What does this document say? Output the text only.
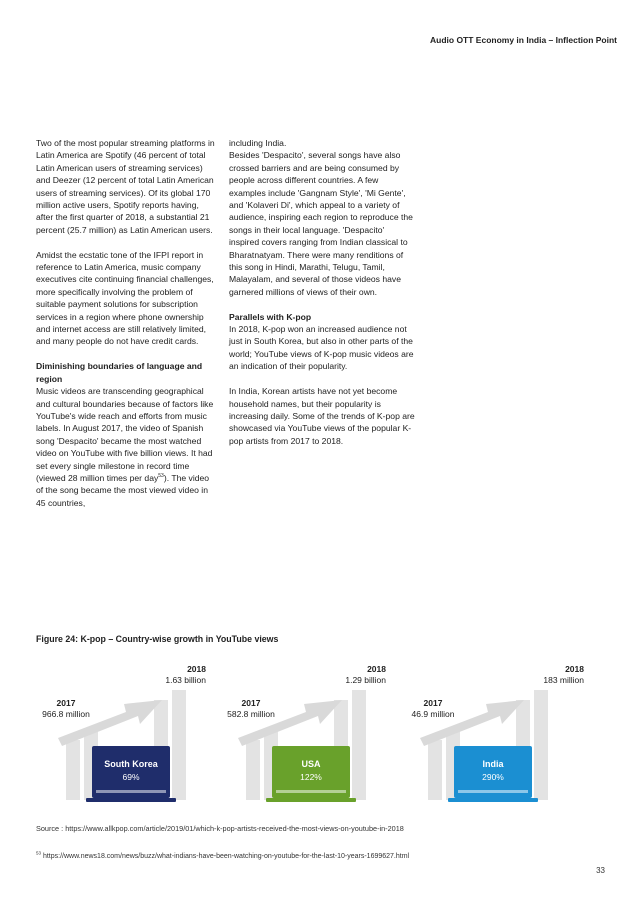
Audio OTT Economy in India – Inflection Point

Two of the most popular streaming platforms in Latin America are Spotify (46 percent of total Latin American users of streaming services) and Deezer (12 percent of total Latin American users of streaming services). Of its global 170 million active users, Spotify reports having, after the first quarter of 2018, a substantial 21 percent (25.7 million) as Latin American users.

Amidst the ecstatic tone of the IFPI report in reference to Latin America, music company executives cite continuing financial challenges, more specifically involving the problem of suitable payment solutions for subscription services in a region where phone ownership and internet access are still relatively limited, and many people do not have credit cards.

Diminishing boundaries of language and region

Music videos are transcending geographical and cultural boundaries because of factors like YouTube's wide reach and efforts from music labels. In August 2017, the video of Spanish song 'Despacito' became the most watched video on YouTube with five billion views. It had set every single milestone in record time (viewed 28 million times per day$^{53}$). The video of the song became the most viewed video in 45 countries,

including India.

Besides 'Despacito', several songs have also crossed barriers and are being consumed by people across different countries. A few examples include 'Gangnam Style', 'Mi Gente', and 'Kolaveri Di', which appeal to a variety of audience, inspiring each region to reproduce the songs in their local language. 'Despacito' inspired covers ranging from Indian classical to Bharatnatyam. There were many renditions of this song in Hindi, Marathi, Telugu, Tamil, Malayalam, and several of those videos have garnered millions of views of their own.

Parallels with K-pop

In 2018, K-pop won an increased audience not just in South Korea, but also in other parts of the world; YouTube views of K-pop music videos are an indication of their popularity.

In India, Korean artists have not yet become household names, but their popularity is increasing daily. Some of the trends of K-pop are showcased via YouTube views of the popular K-pop artists from 2017 to 2018.

Figure 24: K-pop – Country-wise growth in YouTube views
2018
1.63 billion
2017
966.8 million
South Korea
69%
2018
1.29 billion
2017
582.8 million
USA
122%
2018
183 million
2017
46.9 million
India
290%
Source : https://www.allkpop.com/article/2019/01/which-k-pop-artists-received-the-most-views-on-youtube-in-2018
$^{53}$ https://www.news18.com/news/buzz/what-indians-have-been-watching-on-youtube-for-the-last-10-years-1699627.html
33
